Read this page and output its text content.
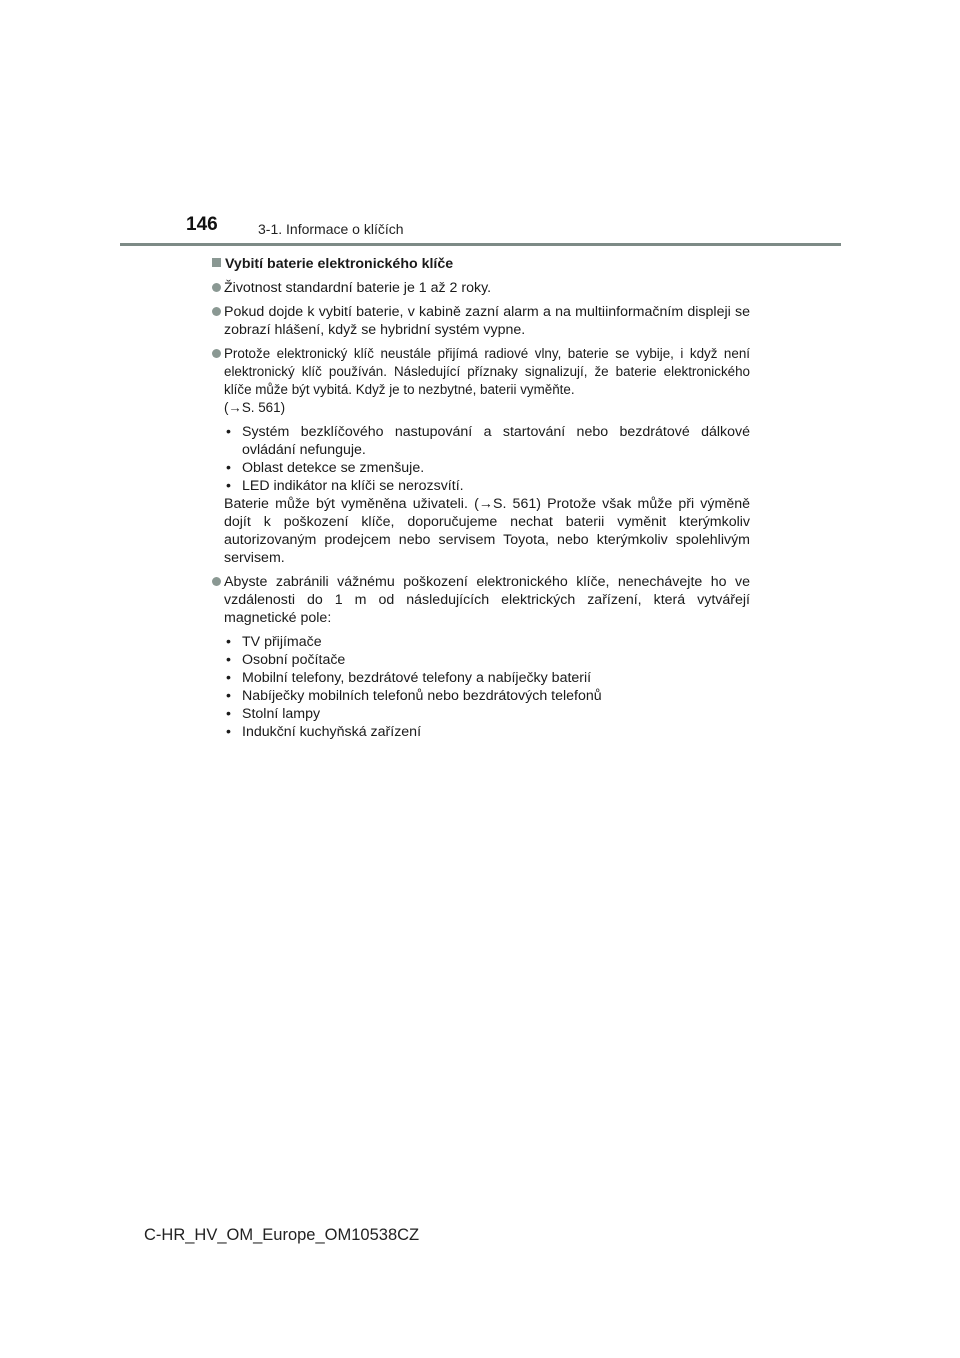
146	3-1. Informace o klíčích
Vybití baterie elektronického klíče
Životnost standardní baterie je 1 až 2 roky.
Pokud dojde k vybití baterie, v kabině zazní alarm a na multiinformačním displeji se zobrazí hlášení, když se hybridní systém vypne.
Protože elektronický klíč neustále přijímá radiové vlny, baterie se vybije, i když není elektronický klíč používán. Následující příznaky signalizují, že baterie elektronického klíče může být vybitá. Když je to nezbytné, baterii vyměňte.
(→S. 561)
• Systém bezklíčového nastupování a startování nebo bezdrátové dálkové ovládání nefunguje.
• Oblast detekce se zmenšuje.
• LED indikátor na klíči se nerozsvítí.
Baterie může být vyměněna uživateli. (→S. 561) Protože však může při výměně dojít k poškození klíče, doporučujeme nechat baterii vyměnit kterýmkoliv autorizovaným prodejcem nebo servisem Toyota, nebo kterýmkoliv spolehlivým servisem.
Abyste zabránili vážnému poškození elektronického klíče, nenechávejte ho ve vzdálenosti do 1 m od následujících elektrických zařízení, která vytvářejí magnetické pole:
• TV přijímače
• Osobní počítače
• Mobilní telefony, bezdrátové telefony a nabíječky baterií
• Nabíječky mobilních telefonů nebo bezdrátových telefonů
• Stolní lampy
• Indukční kuchyňská zařízení
C-HR_HV_OM_Europe_OM10538CZ
